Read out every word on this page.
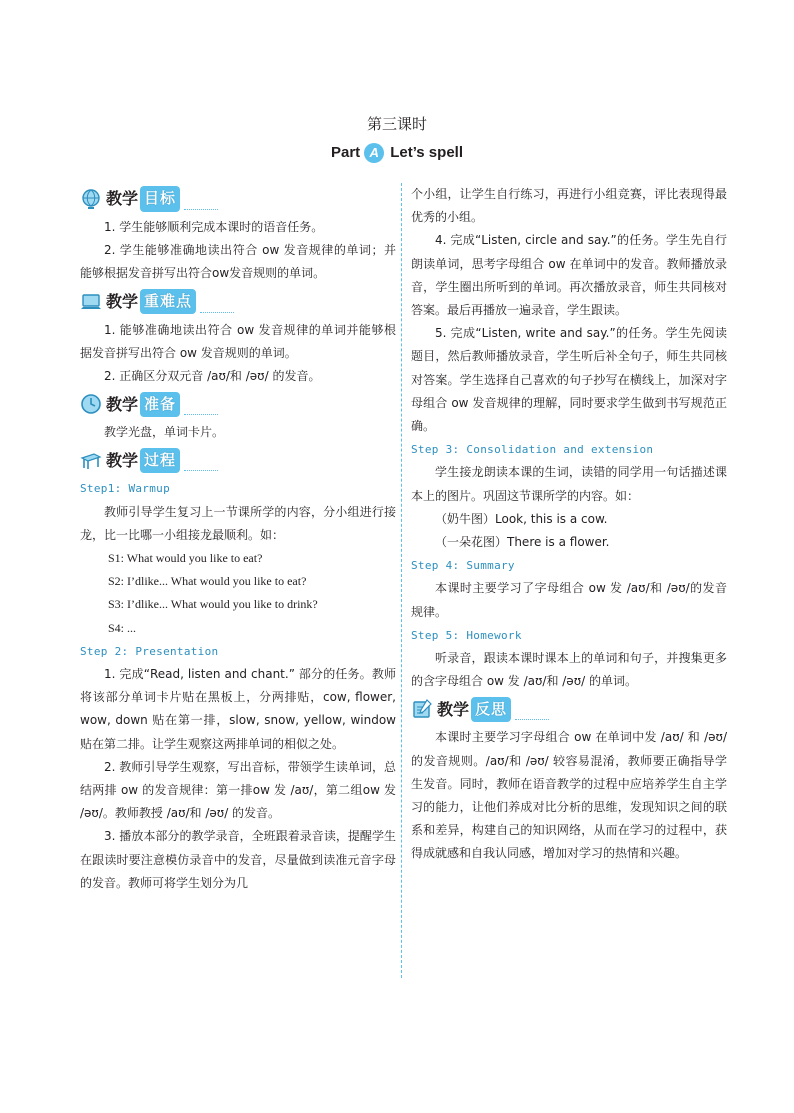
第三课时
Part A Let’s spell
教学 目标

1. 学生能够顺利完成本课时的语音任务。

2. 学生能够准确地读出符合 ow 发音规律的单词；并能够根据发音拼写出符合ow发音规则的单词。

教学 重难点

1. 能够准确地读出符合 ow 发音规律的单词并能够根据发音拼写出符合 ow 发音规则的单词。

2. 正确区分双元音 /aʊ/和 /əʊ/ 的发音。

教学 准备

教学光盘，单词卡片。

教学 过程

Step1: Warmup

教师引导学生复习上一节课所学的内容，分小组进行接龙，比一比哪一小组接龙最顺利。如：

S1: What would you like to eat?

S2: I’dlike... What would you like to eat?

S3: I’dlike... What would you like to drink?

S4: ...

Step 2: Presentation

1. 完成“Read, listen and chant.” 部分的任务。教师将该部分单词卡片贴在黑板上，分两排贴，cow, flower, wow, down 贴在第一排，slow, snow, yellow, window贴在第二排。让学生观察这两排单词的相似之处。

2. 教师引导学生观察，写出音标，带领学生读单词，总结两排 ow 的发音规律：第一排ow 发 /aʊ/，第二组ow 发 /əʊ/。教师教授 /aʊ/和 /əʊ/ 的发音。

3. 播放本部分的教学录音，全班跟着录音读，提醒学生在跟读时要注意模仿录音中的发音，尽量做到读准元音字母的发音。教师可将学生划分为几

个小组，让学生自行练习，再进行小组竞赛，评比表现得最优秀的小组。

4. 完成“Listen, circle and say.”的任务。学生先自行朗读单词，思考字母组合 ow 在单词中的发音。教师播放录音，学生圈出所听到的单词。再次播放录音，师生共同核对答案。最后再播放一遍录音，学生跟读。

5. 完成“Listen, write and say.”的任务。学生先阅读题目，然后教师播放录音，学生听后补全句子，师生共同核对答案。学生选择自己喜欢的句子抄写在横线上，加深对字母组合 ow 发音规律的理解，同时要求学生做到书写规范正确。

Step 3: Consolidation and extension

学生接龙朗读本课的生词，读错的同学用一句话描述课本上的图片。巩固这节课所学的内容。如：

（奶牛图）Look, this is a cow.

（一朵花图）There is a flower.

Step 4: Summary

本课时主要学习了字母组合 ow 发 /aʊ/和 /əʊ/的发音规律。

Step 5: Homework

听录音，跟读本课时课本上的单词和句子，并搜集更多的含字母组合 ow 发 /aʊ/和 /əʊ/ 的单词。

教学 反思

本课时主要学习字母组合 ow 在单词中发 /aʊ/ 和 /əʊ/ 的发音规则。/aʊ/和 /əʊ/ 较容易混淆，教师要正确指导学生发音。同时，教师在语音教学的过程中应培养学生自主学习的能力，让他们养成对比分析的思维，发现知识之间的联系和差异，构建自己的知识网络，从而在学习的过程中，获得成就感和自我认同感，增加对学习的热情和兴趣。
